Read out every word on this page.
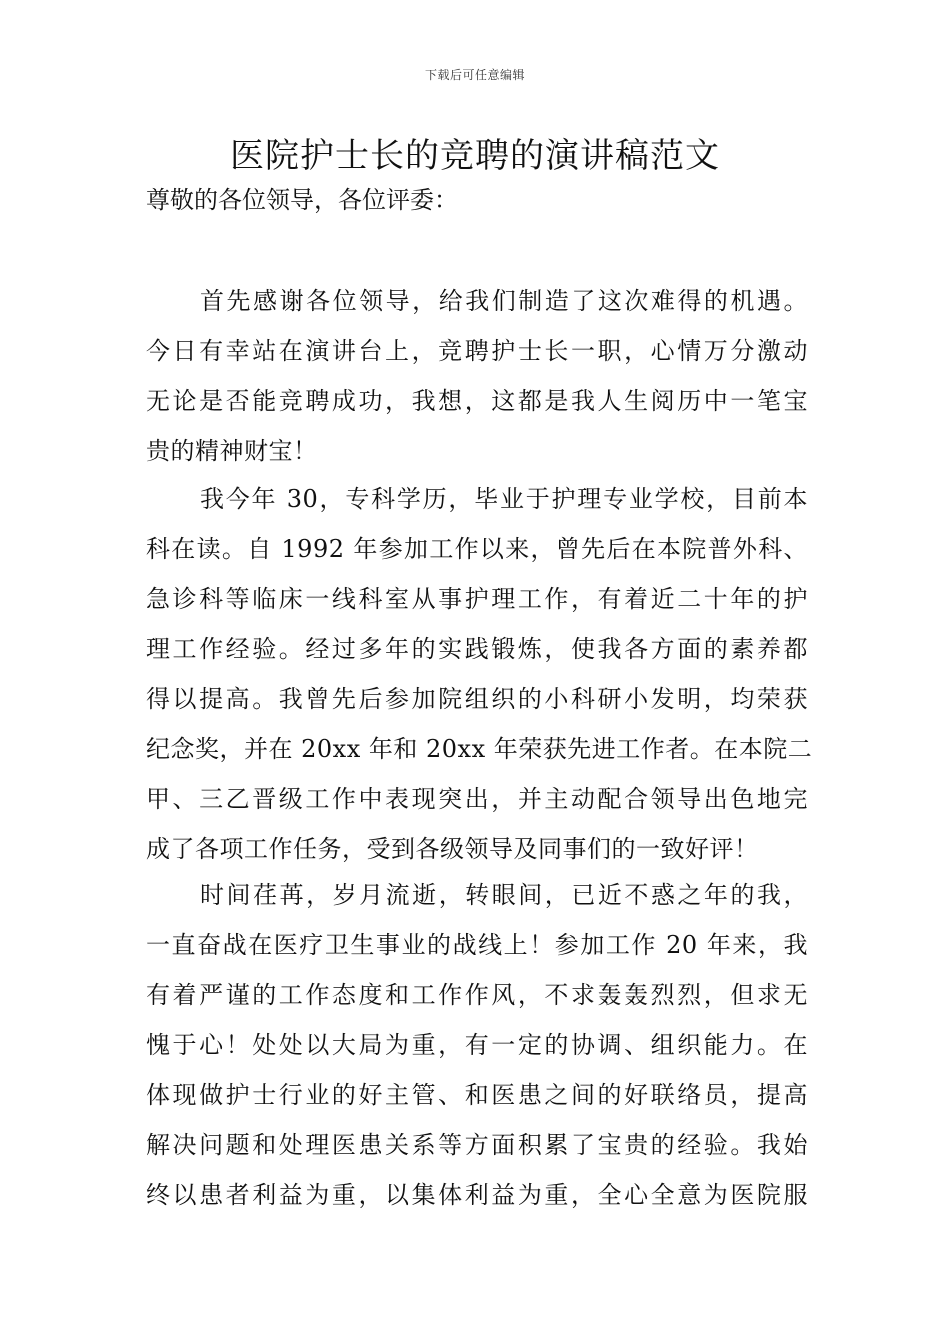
下载后可任意编辑
医院护士长的竞聘的演讲稿范文
尊敬的各位领导，各位评委：
首先感谢各位领导，给我们制造了这次难得的机遇。
今日有幸站在演讲台上，竞聘护士长一职，心情万分激动
无论是否能竞聘成功，我想，这都是我人生阅历中一笔宝
贵的精神财宝！
我今年 30，专科学历，毕业于护理专业学校，目前本
科在读。自 1992 年参加工作以来，曾先后在本院普外科、
急诊科等临床一线科室从事护理工作，有着近二十年的护
理工作经验。经过多年的实践锻炼，使我各方面的素养都
得以提高。我曾先后参加院组织的小科研小发明，均荣获
纪念奖，并在 20xx 年和 20xx 年荣获先进工作者。在本院二
甲、三乙晋级工作中表现突出，并主动配合领导出色地完
成了各项工作任务，受到各级领导及同事们的一致好评！
时间荏苒，岁月流逝，转眼间，已近不惑之年的我，
一直奋战在医疗卫生事业的战线上！参加工作 20 年来，我
有着严谨的工作态度和工作作风，不求轰轰烈烈，但求无
愧于心！处处以大局为重，有一定的协调、组织能力。在
体现做护士行业的好主管、和医患之间的好联络员，提高
解决问题和处理医患关系等方面积累了宝贵的经验。我始
终以患者利益为重，以集体利益为重，全心全意为医院服
